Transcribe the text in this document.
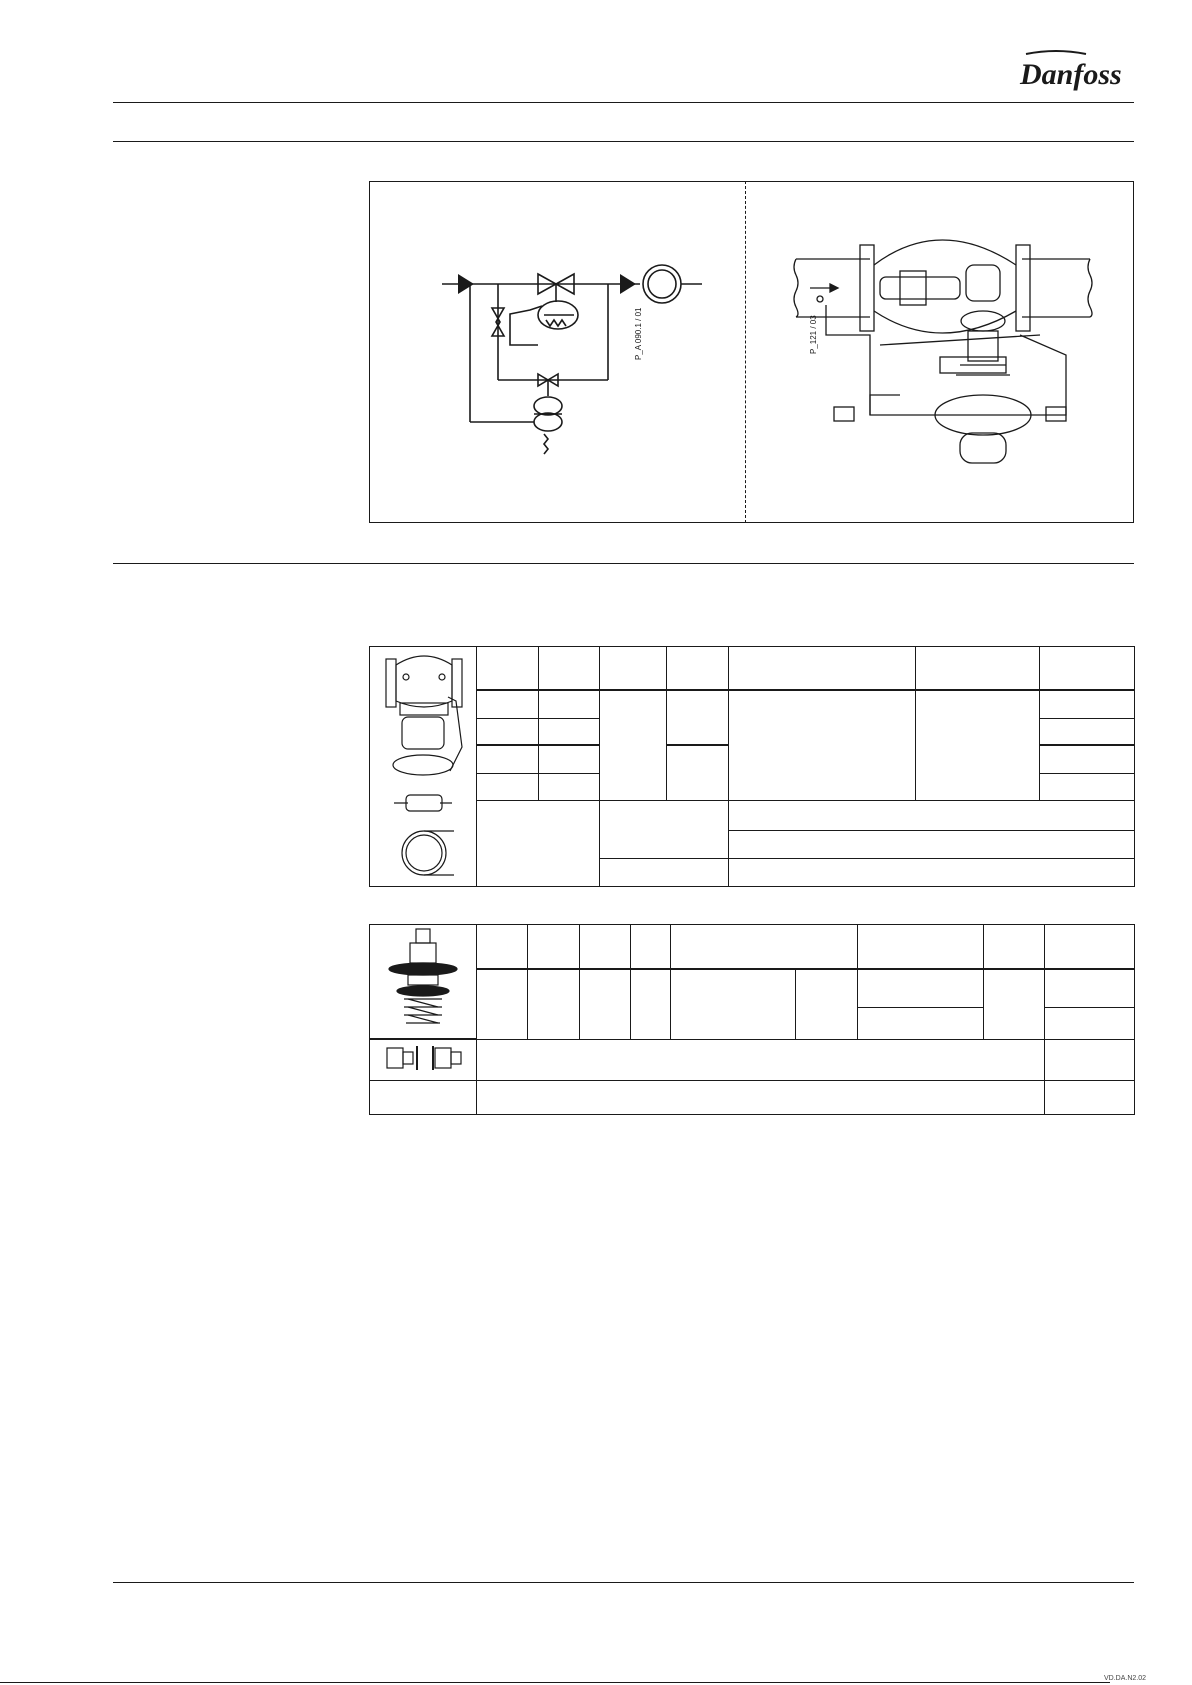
Danfoss
P_A 090.1 / 01	P_121 / 03

VD.DA.N2.02
